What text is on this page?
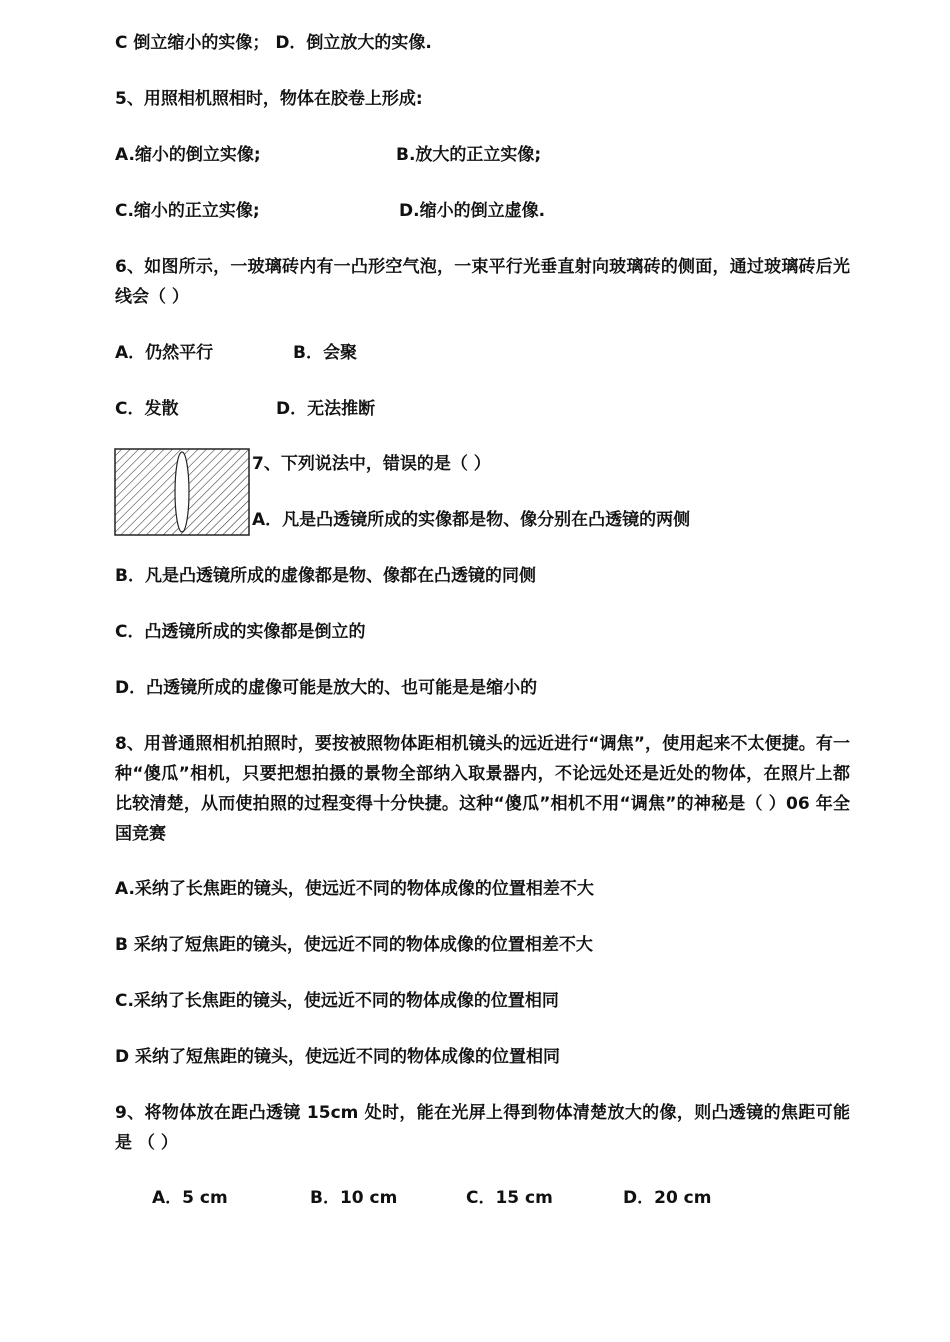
C 倒立缩小的实像； D．倒立放大的实像.
5、用照相机照相时，物体在胶卷上形成:
A.缩小的倒立实像;	B.放大的正立实像;
C.缩小的正立实像;	D.缩小的倒立虚像.
6、如图所示，一玻璃砖内有一凸形空气泡，一束平行光垂直射向玻璃砖的侧面，通过玻璃砖后光线会（ ）
A．仍然平行	B．会聚
C．发散	D．无法推断
7、下列说法中，错误的是（ ）
A．凡是凸透镜所成的实像都是物、像分别在凸透镜的两侧
B．凡是凸透镜所成的虚像都是物、像都在凸透镜的同侧
C．凸透镜所成的实像都是倒立的
D．凸透镜所成的虚像可能是放大的、也可能是是缩小的
8、用普通照相机拍照时，要按被照物体距相机镜头的远近进行“调焦”，使用起来不太便捷。有一种“傻瓜”相机，只要把想拍摄的景物全部纳入取景器内，不论远处还是近处的物体，在照片上都比较清楚，从而使拍照的过程变得十分快捷。这种“傻瓜”相机不用“调焦”的神秘是（ ）06 年全国竞赛
A.采纳了长焦距的镜头，使远近不同的物体成像的位置相差不大
B 采纳了短焦距的镜头，使远近不同的物体成像的位置相差不大
C.采纳了长焦距的镜头，使远近不同的物体成像的位置相同
D 采纳了短焦距的镜头，使远近不同的物体成像的位置相同
9、将物体放在距凸透镜 15cm 处时，能在光屏上得到物体清楚放大的像，则凸透镜的焦距可能是 （ ）
A．5 cm	B．10 cm	C．15 cm	D．20 cm
